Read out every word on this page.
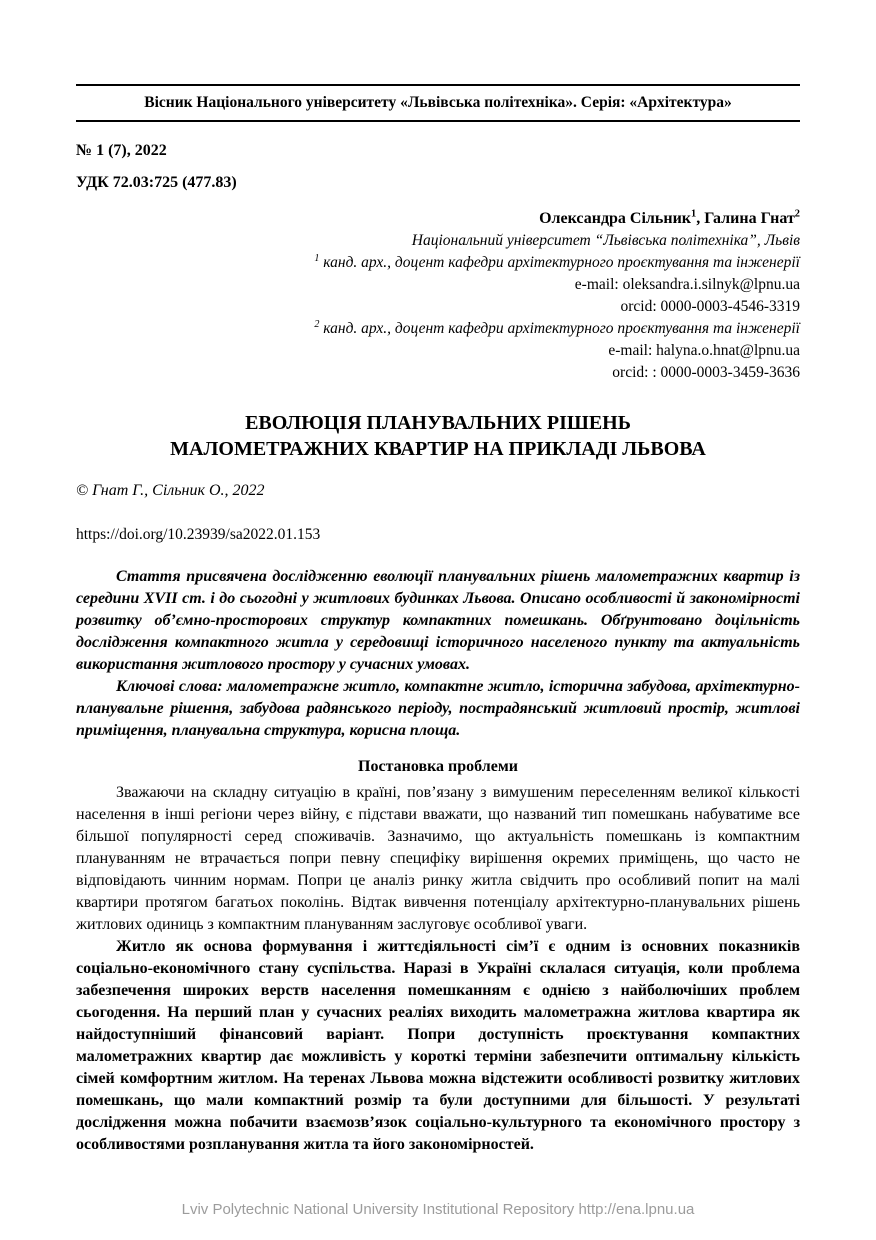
Вісник Національного університету «Львівська політехніка». Серія: «Архітектура»

№ 1 (7), 2022

УДК 72.03:725 (477.83)

Олександра Сільник$^1$, Галина Гнат$^2$

Національний університет “Львівська політехніка”, Львів

$^1$ канд. арх., доцент кафедри архітектурного проєктування та інженерії

e-mail: oleksandra.i.silnyk@lpnu.ua

orcid: 0000-0003-4546-3319

$^2$ канд. арх., доцент кафедри архітектурного проєктування та інженерії

e-mail: halyna.o.hnat@lpnu.ua

orcid: : 0000-0003-3459-3636

ЕВОЛЮЦІЯ ПЛАНУВАЛЬНИХ РІШЕНЬ
МАЛОМЕТРАЖНИХ КВАРТИР НА ПРИКЛАДІ ЛЬВОВА

© Гнат Г., Сільник О., 2022

https://doi.org/10.23939/sa2022.01.153

Стаття присвячена дослідженню еволюції планувальних рішень малометражних квартир із середини XVII ст. і до сьогодні у житлових будинках Львова. Описано особливості й закономірності розвитку об’ємно-просторових структур компактних помешкань. Обґрунтовано доцільність дослідження компактного житла у середовищі історичного населеного пункту та актуальність використання житлового простору у сучасних умовах.

Ключові слова: малометражне житло, компактне житло, історична забудова, архітектурно-планувальне рішення, забудова радянського періоду, пострадянський житловий простір, житлові приміщення, планувальна структура, корисна площа.

Постановка проблеми

Зважаючи на складну ситуацію в країні, пов’язану з вимушеним переселенням великої кількості населення в інші регіони через війну, є підстави вважати, що названий тип помешкань набуватиме все більшої популярності серед споживачів. Зазначимо, що актуальність помешкань із компактним плануванням не втрачається попри певну специфіку вирішення окремих приміщень, що часто не відповідають чинним нормам. Попри це аналіз ринку житла свідчить про особливий попит на малі квартири протягом багатьох поколінь. Відтак вивчення потенціалу архітектурно-планувальних рішень житлових одиниць з компактним плануванням заслуговує особливої уваги.

Житло як основа формування і життєдіяльності сім’ї є одним із основних показників соціально-економічного стану суспільства. Наразі в Україні склалася ситуація, коли проблема забезпечення широких верств населення помешканням є однією з найболючіших проблем сьогодення. На перший план у сучасних реаліях виходить малометражна житлова квартира як найдоступніший фінансовий варіант. Попри доступність проєктування компактних малометражних квартир дає можливість у короткі терміни забезпечити оптимальну кількість сімей комфортним житлом. На теренах Львова можна відстежити особливості розвитку житлових помешкань, що мали компактний розмір та були доступними для більшості. У результаті дослідження можна побачити взаємозв’язок соціально-культурного та економічного простору з особливостями розпланування житла та його закономірностей.

Lviv Polytechnic National University Institutional Repository http://ena.lpnu.ua
